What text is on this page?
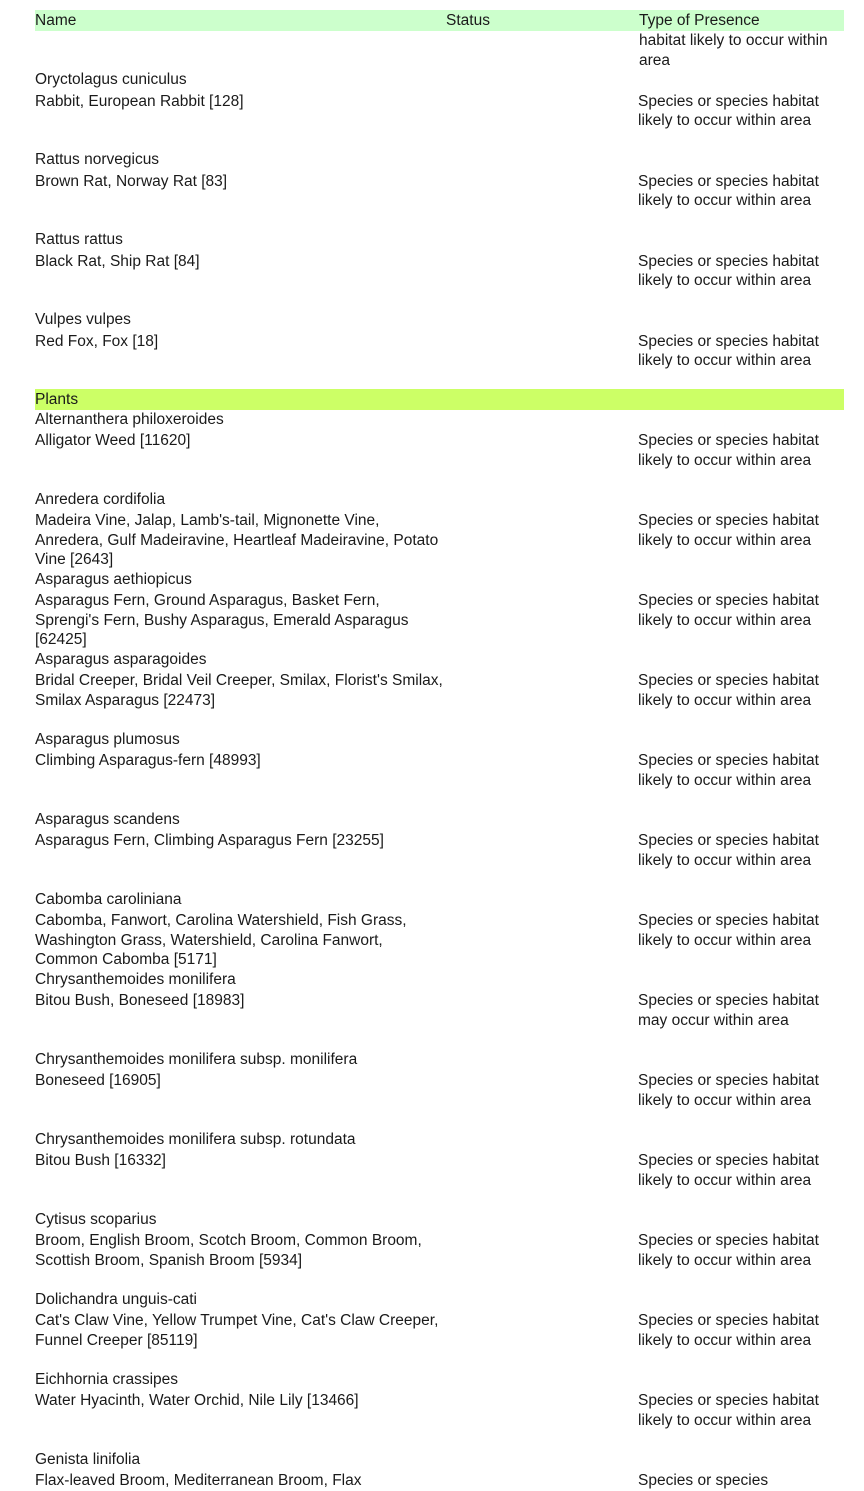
Name	Status	Type of Presence
habitat likely to occur within area
Oryctolagus cuniculus
Rabbit, European Rabbit [128]	Species or species habitat likely to occur within area
Rattus norvegicus
Brown Rat, Norway Rat [83]	Species or species habitat likely to occur within area
Rattus rattus
Black Rat, Ship Rat [84]	Species or species habitat likely to occur within area
Vulpes vulpes
Red Fox, Fox [18]	Species or species habitat likely to occur within area
Plants
Alternanthera philoxeroides
Alligator Weed [11620]	Species or species habitat likely to occur within area
Anredera cordifolia
Madeira Vine, Jalap, Lamb's-tail, Mignonette Vine, Anredera, Gulf Madeiravine, Heartleaf Madeiravine, Potato Vine [2643]
Species or species habitat likely to occur within area
Asparagus aethiopicus
Asparagus Fern, Ground Asparagus, Basket Fern, Sprengi's Fern, Bushy Asparagus, Emerald Asparagus [62425]
Species or species habitat likely to occur within area
Asparagus asparagoides
Bridal Creeper, Bridal Veil Creeper, Smilax, Florist's Smilax, Smilax Asparagus [22473]
Species or species habitat likely to occur within area
Asparagus plumosus
Climbing Asparagus-fern [48993]	Species or species habitat likely to occur within area
Asparagus scandens
Asparagus Fern, Climbing Asparagus Fern [23255]	Species or species habitat likely to occur within area
Cabomba caroliniana
Cabomba, Fanwort, Carolina Watershield, Fish Grass, Washington Grass, Watershield, Carolina Fanwort, Common Cabomba [5171]
Species or species habitat likely to occur within area
Chrysanthemoides monilifera
Bitou Bush, Boneseed [18983]	Species or species habitat may occur within area
Chrysanthemoides monilifera subsp. monilifera
Boneseed [16905]	Species or species habitat likely to occur within area
Chrysanthemoides monilifera subsp. rotundata
Bitou Bush [16332]	Species or species habitat likely to occur within area
Cytisus scoparius
Broom, English Broom, Scotch Broom, Common Broom, Scottish Broom, Spanish Broom [5934]
Species or species habitat likely to occur within area
Dolichandra unguis-cati
Cat's Claw Vine, Yellow Trumpet Vine, Cat's Claw Creeper, Funnel Creeper [85119]
Species or species habitat likely to occur within area
Eichhornia crassipes
Water Hyacinth, Water Orchid, Nile Lily [13466]	Species or species habitat likely to occur within area
Genista linifolia
Flax-leaved Broom, Mediterranean Broom, Flax	Species or species
